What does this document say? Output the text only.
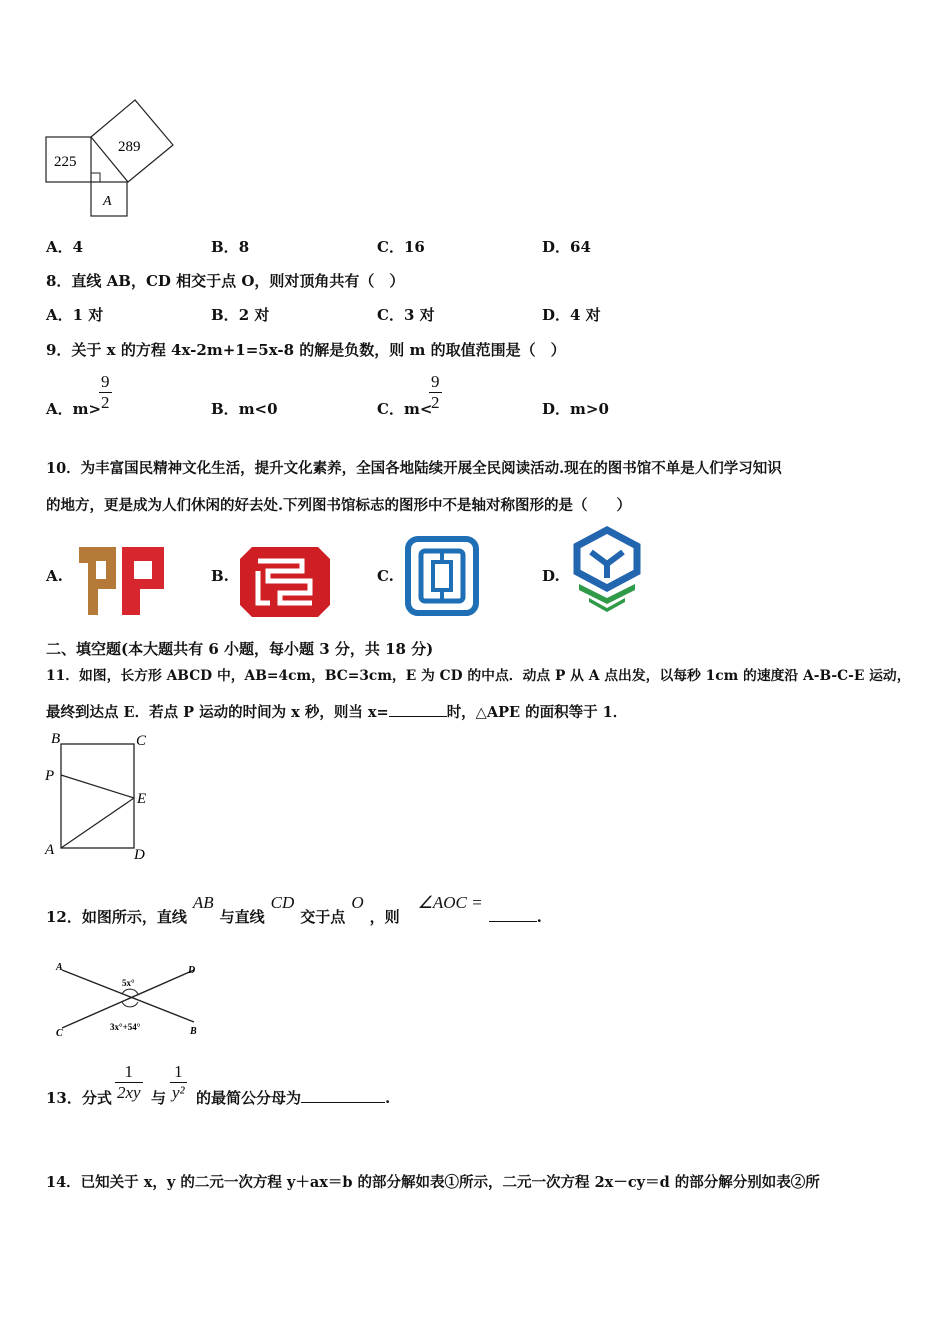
225
289
A
A．4	B．8	C．16	D．64
8．直线 AB，CD 相交于点 O，则对顶角共有（　）
A．1 对	B．2 对	C．3 对	D．4 对
9．关于 x 的方程 4x-2m+1=5x-8 的解是负数，则 m 的取值范围是（　）
A．m>
9
2	B．m<0	C．m<
9
2	D．m>0
10．为丰富国民精神文化生活，提升文化素养，全国各地陆续开展全民阅读活动.现在的图书馆不单是人们学习知识
的地方，更是成为人们休闲的好去处.下列图书馆标志的图形中不是轴对称图形的是（　　）
A.	B.	C.	D.
二、填空题(本大题共有 6 小题，每小题 3 分，共 18 分)
11．如图，长方形 ABCD 中，AB=4cm，BC=3cm，E 为 CD 的中点．动点 P 从 A 点出发，以每秒 1cm 的速度沿 A-B-C-E 运动，
最终到达点 E．若点 P 运动的时间为 x 秒，则当 x=	时，△APE 的面积等于 1．
B	C
P
E
A	D
12．如图所示，直线AB与直线CD交于点O，则∠AOC =.
A	D
C	B
5x°
3x°+54°
13．分式
1
2xy 与
1
y² 的最简公分母为	.
14．已知关于 x，y 的二元一次方程 y＋ax＝b 的部分解如表①所示，二元一次方程 2x－cy＝d 的部分解分别如表②所
